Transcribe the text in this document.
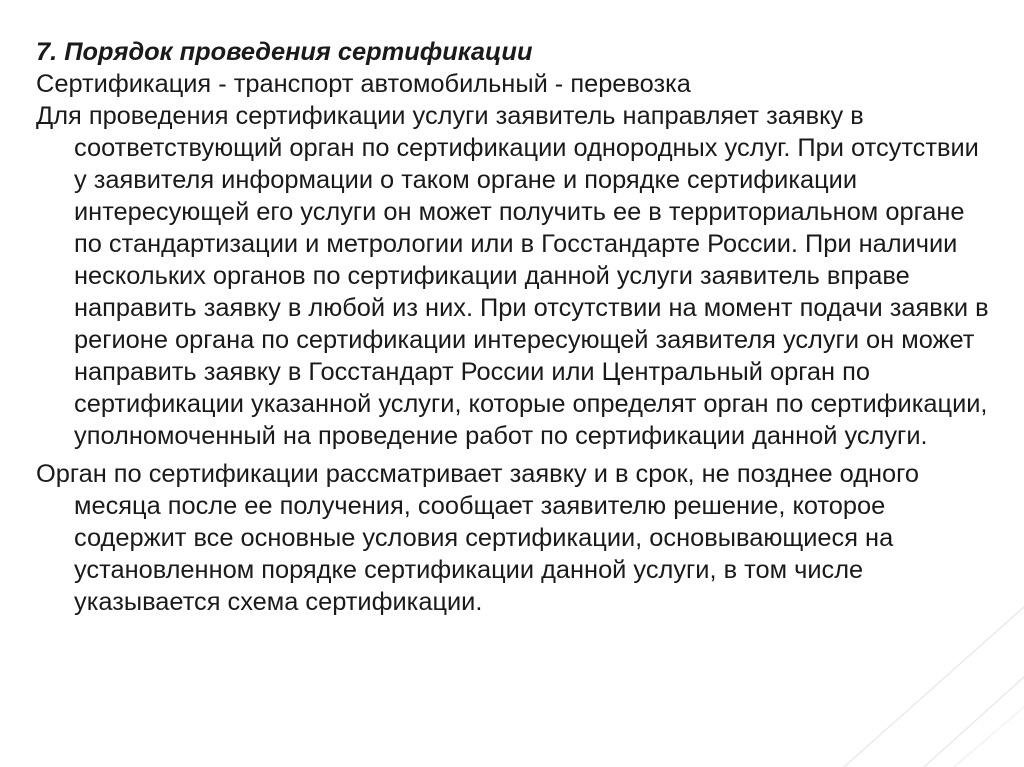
7. Порядок проведения сертификации

Сертификация - транспорт автомобильный - перевозка

Для проведения сертификации услуги заявитель направляет заявку в соответствующий орган по сертификации однородных услуг. При отсутствии у заявителя информации о таком органе и порядке сертификации интересующей его услуги он может получить ее в территориальном органе по стандартизации и метрологии или в Госстандарте России. При наличии нескольких органов по сертификации данной услуги заявитель вправе направить заявку в любой из них. При отсутствии на момент подачи заявки в регионе органа по сертификации интересующей заявителя услуги он может направить заявку в Госстандарт России или Центральный орган по сертификации указанной услуги, которые определят орган по сертификации, уполномоченный на проведение работ по сертификации данной услуги.

Орган по сертификации рассматривает заявку и в срок, не позднее одного месяца после ее получения, сообщает заявителю решение, которое содержит все основные условия сертификации, основывающиеся на установленном порядке сертификации данной услуги, в том числе указывается схема сертификации.
